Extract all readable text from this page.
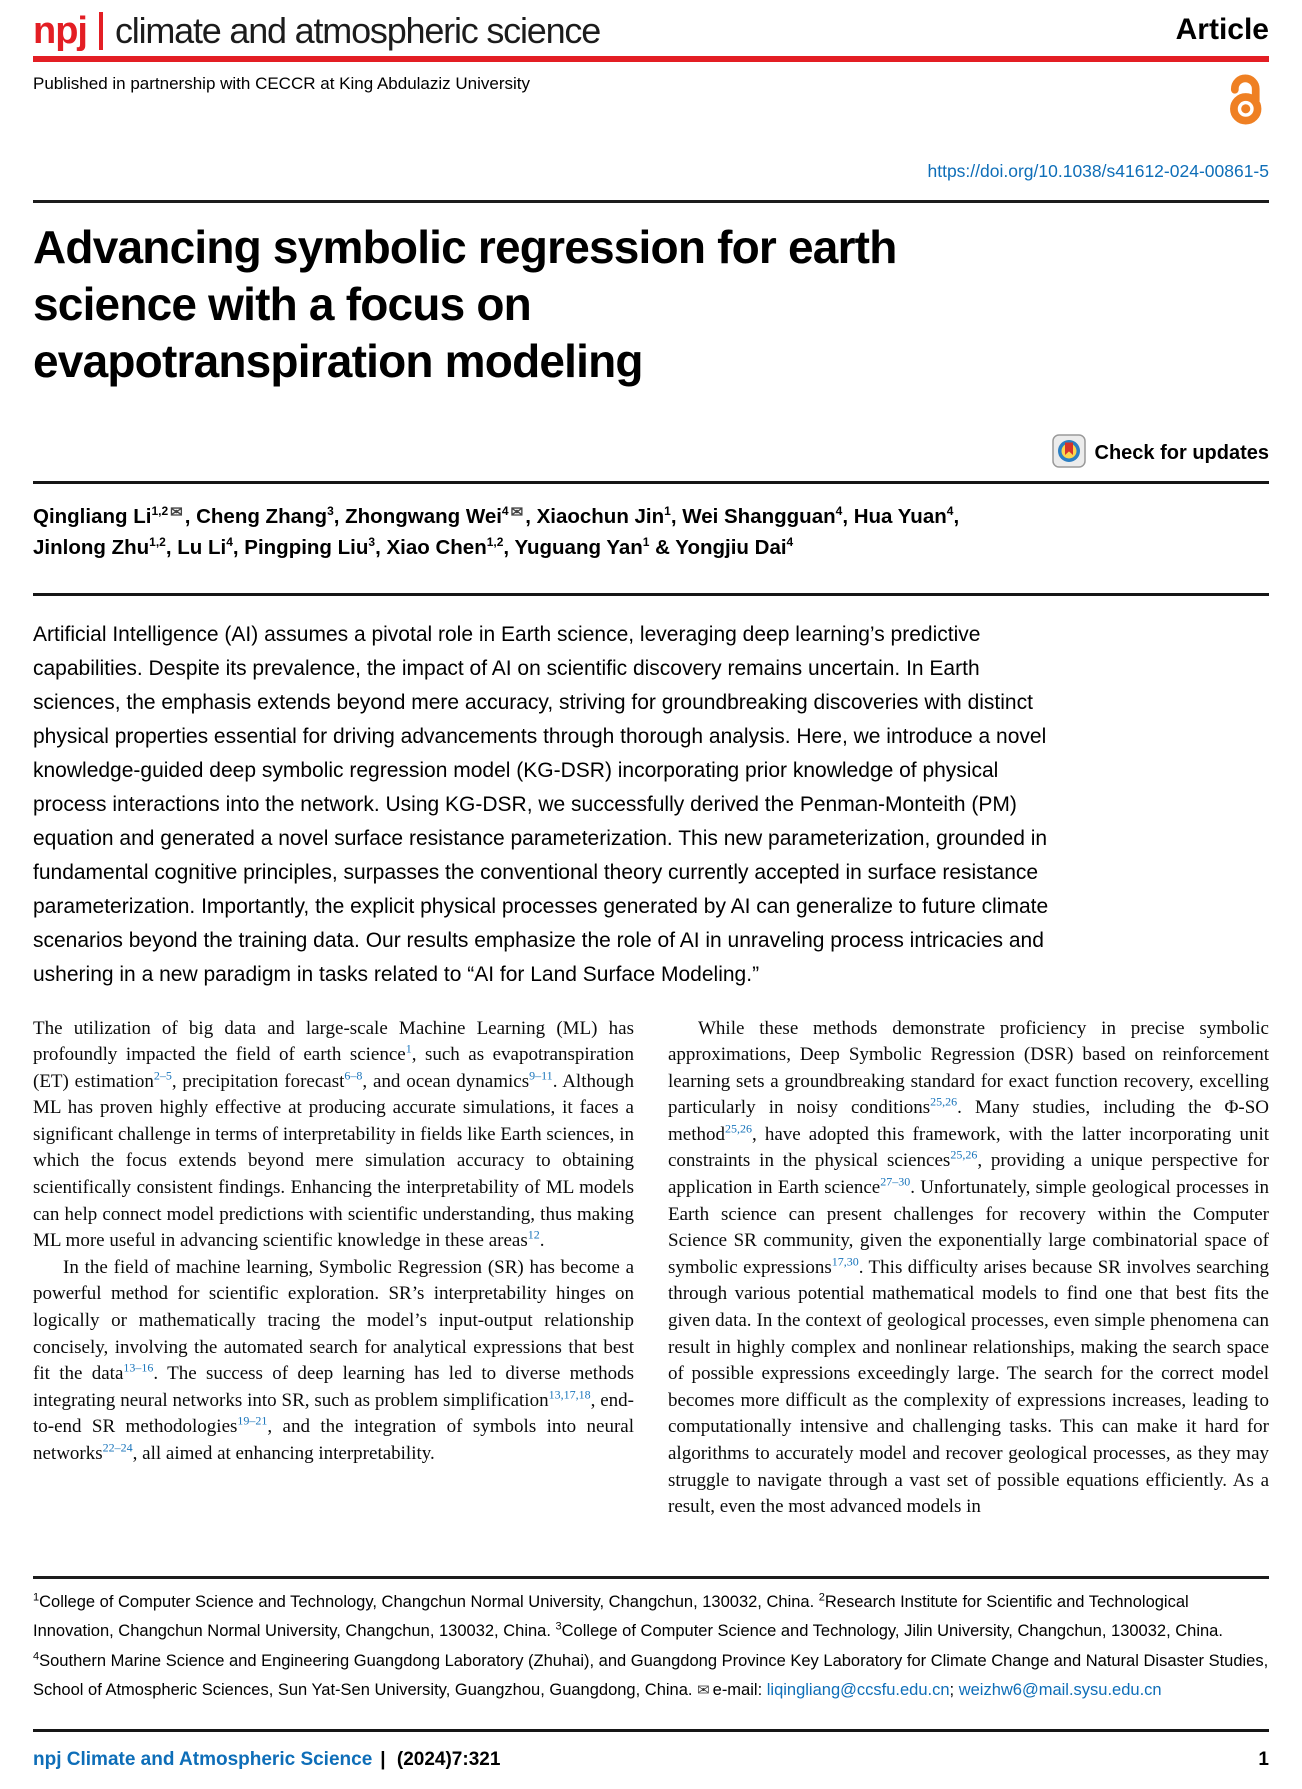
npj climate and atmospheric science	Article
Published in partnership with CECCR at King Abdulaziz University
https://doi.org/10.1038/s41612-024-00861-5
Advancing symbolic regression for earth
science with a focus on
evapotranspiration modeling
Check for updates
Qingliang Li$^{1,2}$ ✉, Cheng Zhang$^3$, Zhongwang Wei$^4$ ✉, Xiaochun Jin$^1$, Wei Shangguan$^4$, Hua Yuan$^4$,
Jinlong Zhu$^{1,2}$, Lu Li$^4$, Pingping Liu$^3$, Xiao Chen$^{1,2}$, Yuguang Yan$^1$ & Yongjiu Dai$^4$

Artificial Intelligence (AI) assumes a pivotal role in Earth science, leveraging deep learning’s predictive capabilities. Despite its prevalence, the impact of AI on scientific discovery remains uncertain. In Earth sciences, the emphasis extends beyond mere accuracy, striving for groundbreaking discoveries with distinct physical properties essential for driving advancements through thorough analysis. Here, we introduce a novel knowledge-guided deep symbolic regression model (KG-DSR) incorporating prior knowledge of physical process interactions into the network. Using KG-DSR, we successfully derived the Penman-Monteith (PM) equation and generated a novel surface resistance parameterization. This new parameterization, grounded in fundamental cognitive principles, surpasses the conventional theory currently accepted in surface resistance parameterization. Importantly, the explicit physical processes generated by AI can generalize to future climate scenarios beyond the training data. Our results emphasize the role of AI in unraveling process intricacies and ushering in a new paradigm in tasks related to “AI for Land Surface Modeling.”

The utilization of big data and large-scale Machine Learning (ML) has profoundly impacted the field of earth science$^1$, such as evapotranspiration (ET) estimation$^{2-5}$, precipitation forecast$^{6-8}$, and ocean dynamics$^{9-11}$. Although ML has proven highly effective at producing accurate simulations, it faces a significant challenge in terms of interpretability in fields like Earth sciences, in which the focus extends beyond mere simulation accuracy to obtaining scientifically consistent findings. Enhancing the interpretability of ML models can help connect model predictions with scientific understanding, thus making ML more useful in advancing scientific knowledge in these areas$^{12}$.

In the field of machine learning, Symbolic Regression (SR) has become a powerful method for scientific exploration. SR’s interpretability hinges on logically or mathematically tracing the model’s input-output relationship concisely, involving the automated search for analytical expressions that best fit the data$^{13-16}$. The success of deep learning has led to diverse methods integrating neural networks into SR, such as problem simplification$^{13,17,18}$, end-to-end SR methodologies$^{19-21}$, and the integration of symbols into neural networks$^{22-24}$, all aimed at enhancing interpretability.

While these methods demonstrate proficiency in precise symbolic approximations, Deep Symbolic Regression (DSR) based on reinforcement learning sets a groundbreaking standard for exact function recovery, excelling particularly in noisy conditions$^{25,26}$. Many studies, including the Φ-SO method$^{25,26}$, have adopted this framework, with the latter incorporating unit constraints in the physical sciences$^{25,26}$, providing a unique perspective for application in Earth science$^{27-30}$. Unfortunately, simple geological processes in Earth science can present challenges for recovery within the Computer Science SR community, given the exponentially large combinatorial space of symbolic expressions$^{17,30}$. This difficulty arises because SR involves searching through various potential mathematical models to find one that best fits the given data. In the context of geological processes, even simple phenomena can result in highly complex and nonlinear relationships, making the search space of possible expressions exceedingly large. The search for the correct model becomes more difficult as the complexity of expressions increases, leading to computationally intensive and challenging tasks. This can make it hard for algorithms to accurately model and recover geological processes, as they may struggle to navigate through a vast set of possible equations efficiently. As a result, even the most advanced models in

$^1$College of Computer Science and Technology, Changchun Normal University, Changchun, 130032, China. $^2$Research Institute for Scientific and Technological Innovation, Changchun Normal University, Changchun, 130032, China. $^3$College of Computer Science and Technology, Jilin University, Changchun, 130032, China. $^4$Southern Marine Science and Engineering Guangdong Laboratory (Zhuhai), and Guangdong Province Key Laboratory for Climate Change and Natural Disaster Studies, School of Atmospheric Sciences, Sun Yat-Sen University, Guangzhou, Guangdong, China. ✉ e-mail: liqingliang@ccsfu.edu.cn; weizhw6@mail.sysu.edu.cn

npj Climate and Atmospheric Science | (2024)7:321	1
